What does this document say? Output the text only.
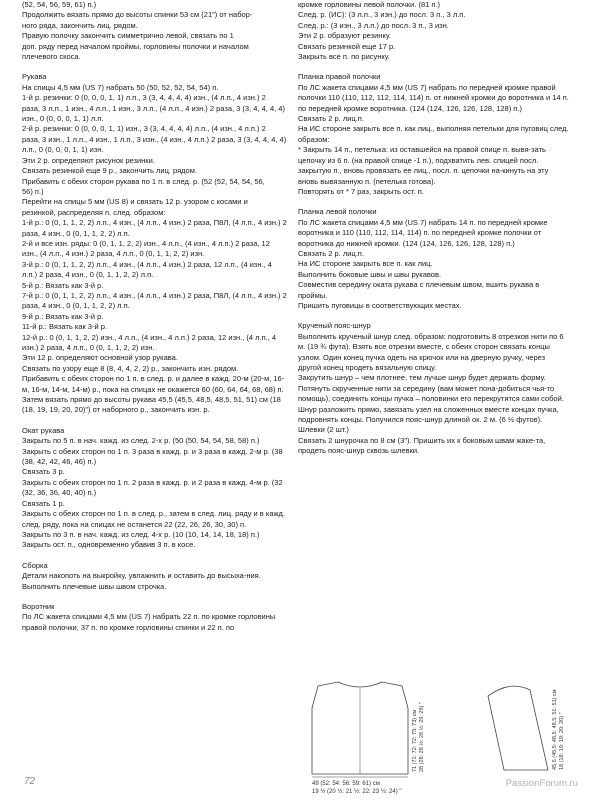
(52, 54, 56, 59, 61) п.)

Продолжить вязать прямо до высоты спинки 53 см (21") от набор-

ного ряда, закончить лиц. рядом.

Правую полочку закончить симметрично левой, связать по 1

доп. ряду перед началом проймы, горловины полочки и началом

плечевого скоса.

Рукава

На спицы 4,5 мм (US 7) набрать 50 (50, 52, 52, 54, 54) п.

1-й р. резинки: 0 (0, 0, 0, 1, 1) л.п., 3 (3, 4, 4, 4, 4) изн., (4 л.п., 4 изн.) 2

раза, 3 л.п., 1 изн., 4 л.п., 1 изн., 3 л.п., (4 л.п., 4 изн.) 2 раза, 3 (3, 4, 4, 4, 4)

изн., 0 (0, 0, 0, 1, 1) л.п.

2-й р. резинки: 0 (0, 0, 0, 1, 1) изн., 3 (3, 4, 4, 4, 4) л.п., (4 изн., 4 л.п.) 2

раза, 3 изн., 1 л.п., 4 изн., 1 л.п., 3 изн., (4 изн., 4 л.п.) 2 раза, 3 (3, 4, 4, 4, 4)

л.п., 0 (0, 0, 0, 1, 1) изн.

Эти 2 р. определяют рисунок резинки.

Связать резинкой еще 9 р., закончить лиц. рядом.

Прибавить с обеих сторон рукава по 1 п. в след. р. (52 (52, 54, 54, 56,

56) п.)

Перейти на спицы 5 мм (US 8) и связать 12 р. узором с косами и

резинкой, распределяя п. след. образом:

1-й р.: 0 (0, 1, 1, 2, 2) л.п., 4 изн., (4 л.п., 4 изн.) 2 раза, П8Л, (4 л.п., 4 изн.) 2 раза, 4 изн., 0 (0, 1, 1, 2, 2) л.п.

2-й и все изн. ряды: 0 (0, 1, 1, 2, 2) изн., 4 л.п., (4 изн., 4 л.п.) 2 раза, 12 изн., (4 л.п., 4 изн.) 2 раза, 4 л.п., 0 (0, 1, 1, 2, 2) изн.

3-й р.: 0 (0, 1, 1, 2, 2) л.п., 4 изн., (4 л.п., 4 изн.) 2 раза, 12 л.п., (4 изн., 4 л.п.) 2 раза, 4 изн., 0 (0, 1, 1, 2, 2) л.п.

5-й р.: Вязать как 3-й р.

7-й р.: 0 (0, 1, 1, 2, 2) л.п., 4 изн., (4 л.п., 4 изн.) 2 раза, П8Л, (4 л.п., 4 изн.) 2 раза, 4 изн., 0 (0, 1, 1, 2, 2) л.п.

9-й р.: Вязать как 3-й р.

11-й р.: Вязать как 3-й р.

12-й р.: 0 (0, 1, 1, 2, 2) изн., 4 л.п., (4 изн., 4 л.п.) 2 раза, 12 изн., (4 л.п., 4 изн.) 2 раза, 4 л.п., 0 (0, 1, 1, 2, 2) изн.

Эти 12 р. определяют основной узор рукава.

Связать по узору еще 8 (8, 4, 4, 2, 2) р., закончить изн. рядом.

Прибавить с обеих сторон по 1 п. в след. р. и далее в кажд. 20-м (20-м, 16-м, 16-м, 14-м, 14-м) р., пока на спицах не окажется 60 (60, 64, 64, 68, 68) п.

Затем вязать прямо до высоты рукава 45,5 (45,5, 48,5, 48,5, 51, 51) см (18 (18, 19, 19, 20, 20)") от наборного р., закончить изн. р.

Окат рукава

Закрыть по 5 п. в нач. кажд. из след. 2-х р. (50 (50, 54, 54, 58, 58) п.)

Закрыть с обеих сторон по 1 п. 3 раза в кажд. р. и 3 раза в кажд. 2-м р. (38 (38, 42, 42, 46, 46) п.)

Связать 3 р.

Закрыть с обеих сторон по 1 п. 2 раза в кажд. р. и 2 раза в кажд. 4-м р. (32 (32, 36, 36, 40, 40) п.)

Связать 1 р.

Закрыть с обеих сторон по 1 п. в след. р., затем в след. лиц. ряду и в кажд. след. ряду, пока на спицах не останется 22 (22, 26, 26, 30, 30) п.

Закрыть по 3 п. в нач. кажд. из след. 4-х р. (10 (10, 14, 14, 18, 18) п.)

Закрыть ост. п., одновременно убавив 3 п. в косе.

Сборка

Детали накопоть на выкройку, увлажнить и оставить до высыха-ния.

Выполнить плечевые швы швом строчка.

Воротник

По ЛС жакета спицами 4,5 мм (US 7) набрать 22 п. по кромке горловины правой полочки, 37 п. по кромке горловины спинки и 22 п. по

кромке горловины левой полочки. (81 п.)

След. р. (ИС): (3 л.п., 3 изн.) до посл. 3 п., 3 л.п.

След. р.: (3 изн., 3 л.п.) до посл. 3 п., 3 изн.

Эти 2 р. образуют резинку.

Связать резинкой еще 17 р.

Закрыть все п. по рисунку.

Планка правой полочки

По ЛС жакета спицами 4,5 мм (US 7) набрать по передней кромке правой полочки 110 (110, 112, 112, 114, 114) п. от нижней кромки до воротника и 14 п. по передней кромке воротника. (124 (124, 126, 126, 128, 128) п.)

Связать 2 р. лиц.п.

На ИС стороне закрыть все п. как лиц., выполняя петельки для пуговиц след. образом:

* Закрыть 14 п., петелька: из оставшейся на правой спице п. вывя-зать цепочку из 6 п. (на правой спице -1 п.), подхватить лев. спицей посл. закрытую п., вновь провязать ее лиц., посл. п. цепочки на-кинуть на эту вновь вывязанную п. (петелька готова).

Повторять от * 7 раз, закрыть ост. п.

Планка левой полочки

По ЛС жакета спицами 4,5 мм (US 7) набрать 14 п. по передней кромке воротника и 110 (110, 112, 114, 114) п. по передней кромке полочки от воротника до нижней кромки. (124 (124, 126, 126, 128, 128) п.)

Связать 2 р. лиц.п.

На ИС стороне закрыть все п. как лиц.

Выполнить боковые швы и швы рукавов.

Совместив середину оката рукава с плечевым швом, вшить рукава в проймы.

Пришить пуговицы в соответствующих местах.

Крученый пояс-шнур

Выполнить крученый шнур след. образом: подготовить 8 отрезков нити по 6 м. (19 ¾ фута). Взять все отрезки вместе, с обеих сторон связать концы узлом. Один конец пучка одеть на крючок или на дверную ручку, через другой конец продеть вязальную спицу.

Закрутить шнур – чем плотнее, тем лучше шнур будет держать форму. Потянуть скрученные нити за середину (вам может пона-добиться чья-то помощь), соединить концы пучка – половинки его перекрутятся сами собой. Шнур разложить прямо, завязать узел на сложенных вместе концах пучка, подровнять концы. Получился пояс-шнур длиной ок. 2 м. (6 ½ футов).

Шлевки (2 шт.)

Связать 2 шнурочка по 8 см (3"). Пришить их к боковым швам жаке-та, продеть пояс-шнур сквозь шлевки.

71 (71: 72: 72: 73: 73) см 28 (28: 28 ½: 28 ½: 29: 29) "	45,5 (45,5: 48,5: 48,5: 51: 51) см 18 (18: 19: 19: 20: 20) "
49 (52: 54: 56: 59: 61) см
19 ½ (20 ½: 21 ½: 22: 23 ½: 24) "
72	PassionForum.ru
